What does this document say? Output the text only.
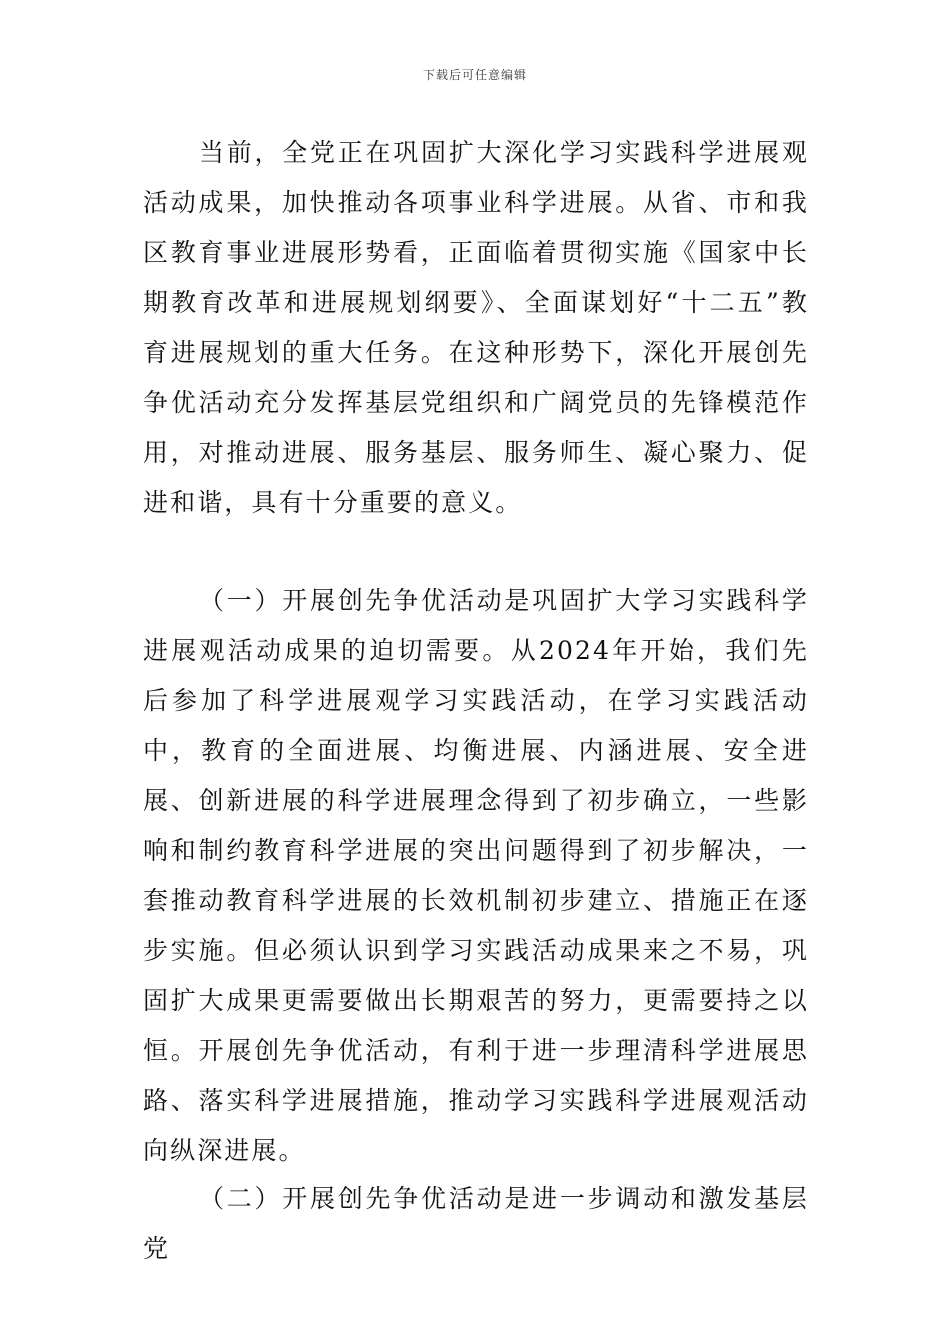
下载后可任意编辑

当前，全党正在巩固扩大深化学习实践科学进展观活动成果，加快推动各项事业科学进展。从省、市和我区教育事业进展形势看，正面临着贯彻实施《国家中长期教育改革和进展规划纲要》、全面谋划好“十二五”教育进展规划的重大任务。在这种形势下，深化开展创先争优活动充分发挥基层党组织和广阔党员的先锋模范作用，对推动进展、服务基层、服务师生、凝心聚力、促进和谐，具有十分重要的意义。

（一）开展创先争优活动是巩固扩大学习实践科学进展观活动成果的迫切需要。从2024年开始，我们先后参加了科学进展观学习实践活动，在学习实践活动中，教育的全面进展、均衡进展、内涵进展、安全进展、创新进展的科学进展理念得到了初步确立，一些影响和制约教育科学进展的突出问题得到了初步解决，一套推动教育科学进展的长效机制初步建立、措施正在逐步实施。但必须认识到学习实践活动成果来之不易，巩固扩大成果更需要做出长期艰苦的努力，更需要持之以恒。开展创先争优活动，有利于进一步理清科学进展思路、落实科学进展措施，推动学习实践科学进展观活动向纵深进展。

（二）开展创先争优活动是进一步调动和激发基层党
